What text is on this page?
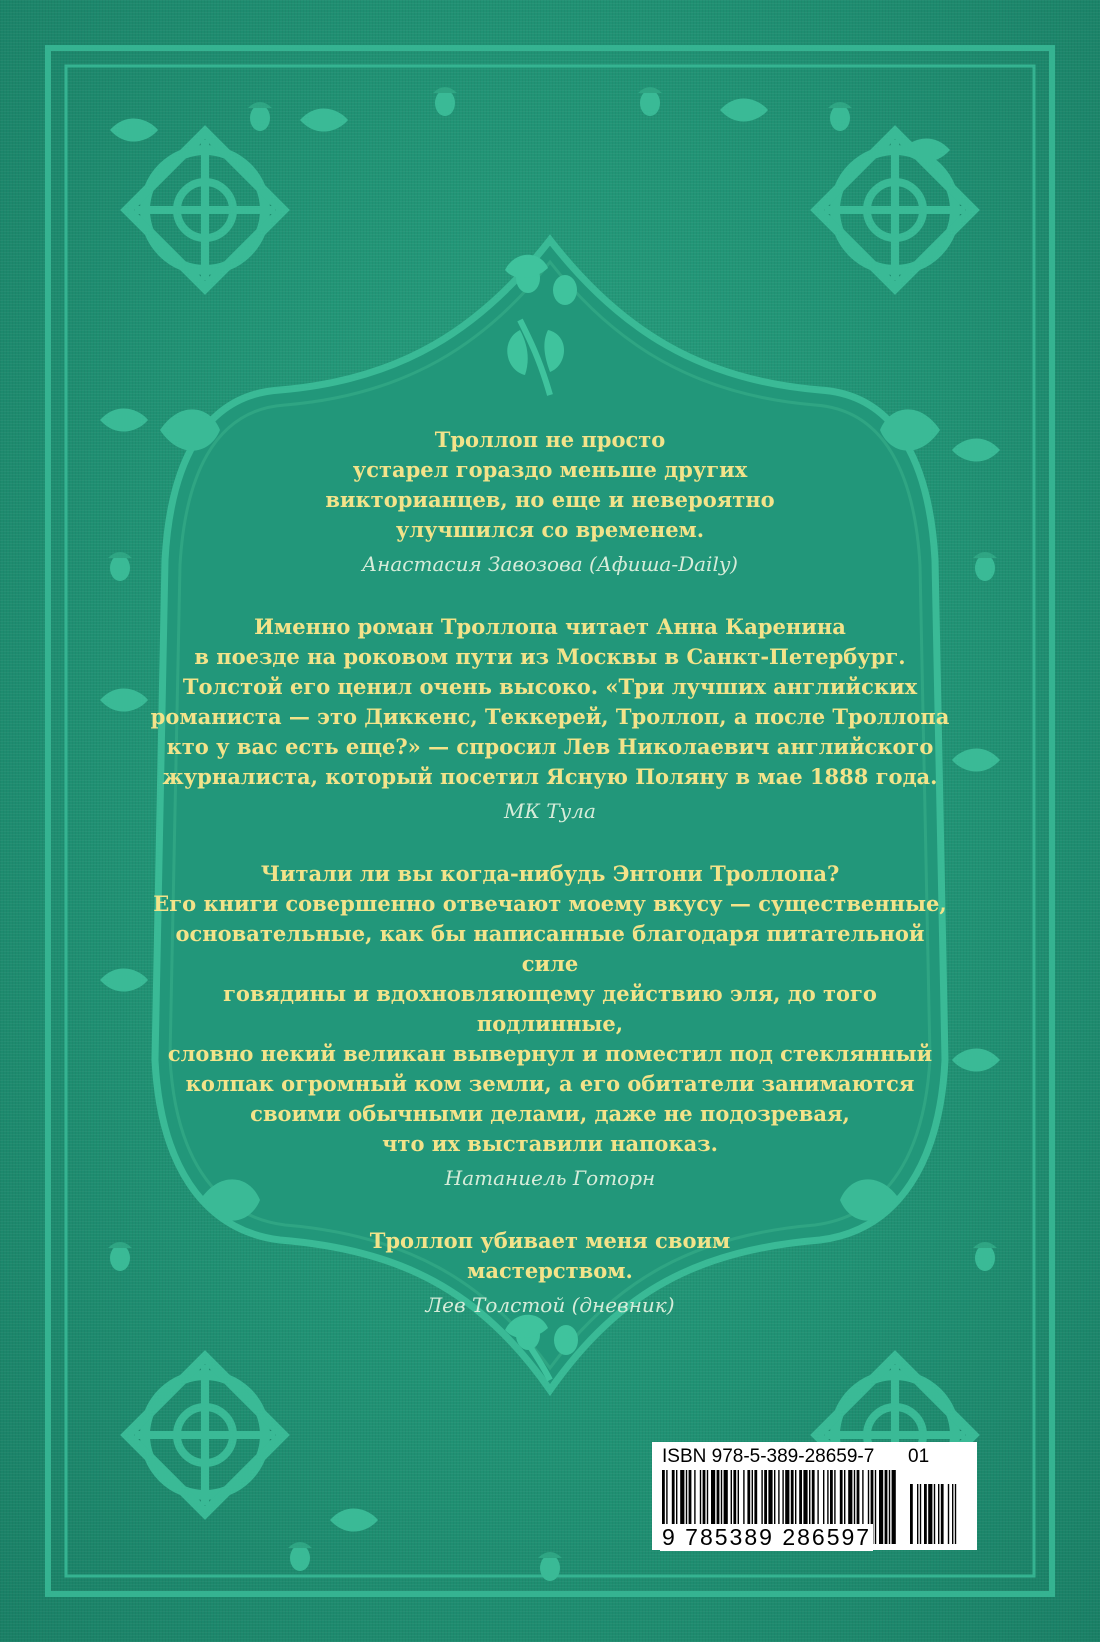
Троллоп не просто
устарел гораздо меньше других
викторианцев, но еще и невероятно
улучшился со временем.

Анастасия Завозова (Афиша-Daily)

Именно роман Троллопа читает Анна Каренина
в поезде на роковом пути из Москвы в Санкт-Петербург.
Толстой его ценил очень высоко. «Три лучших английских
романиста — это Диккенс, Теккерей, Троллоп, а после Троллопа
кто у вас есть еще?» — спросил Лев Николаевич английского
журналиста, который посетил Ясную Поляну в мае 1888 года.

МК Тула

Читали ли вы когда-нибудь Энтони Троллопа?
Его книги совершенно отвечают моему вкусу — существенные,
основательные, как бы написанные благодаря питательной силе
говядины и вдохновляющему действию эля, до того подлинные,
словно некий великан вывернул и поместил под стеклянный
колпак огромный ком земли, а его обитатели занимаются
своими обычными делами, даже не подозревая,
что их выставили напоказ.

Натаниель Готорн

Троллоп убивает меня своим
мастерством.

Лев Толстой (дневник)

ISBN 978-5-389-28659-7 01
9 785389 286597
